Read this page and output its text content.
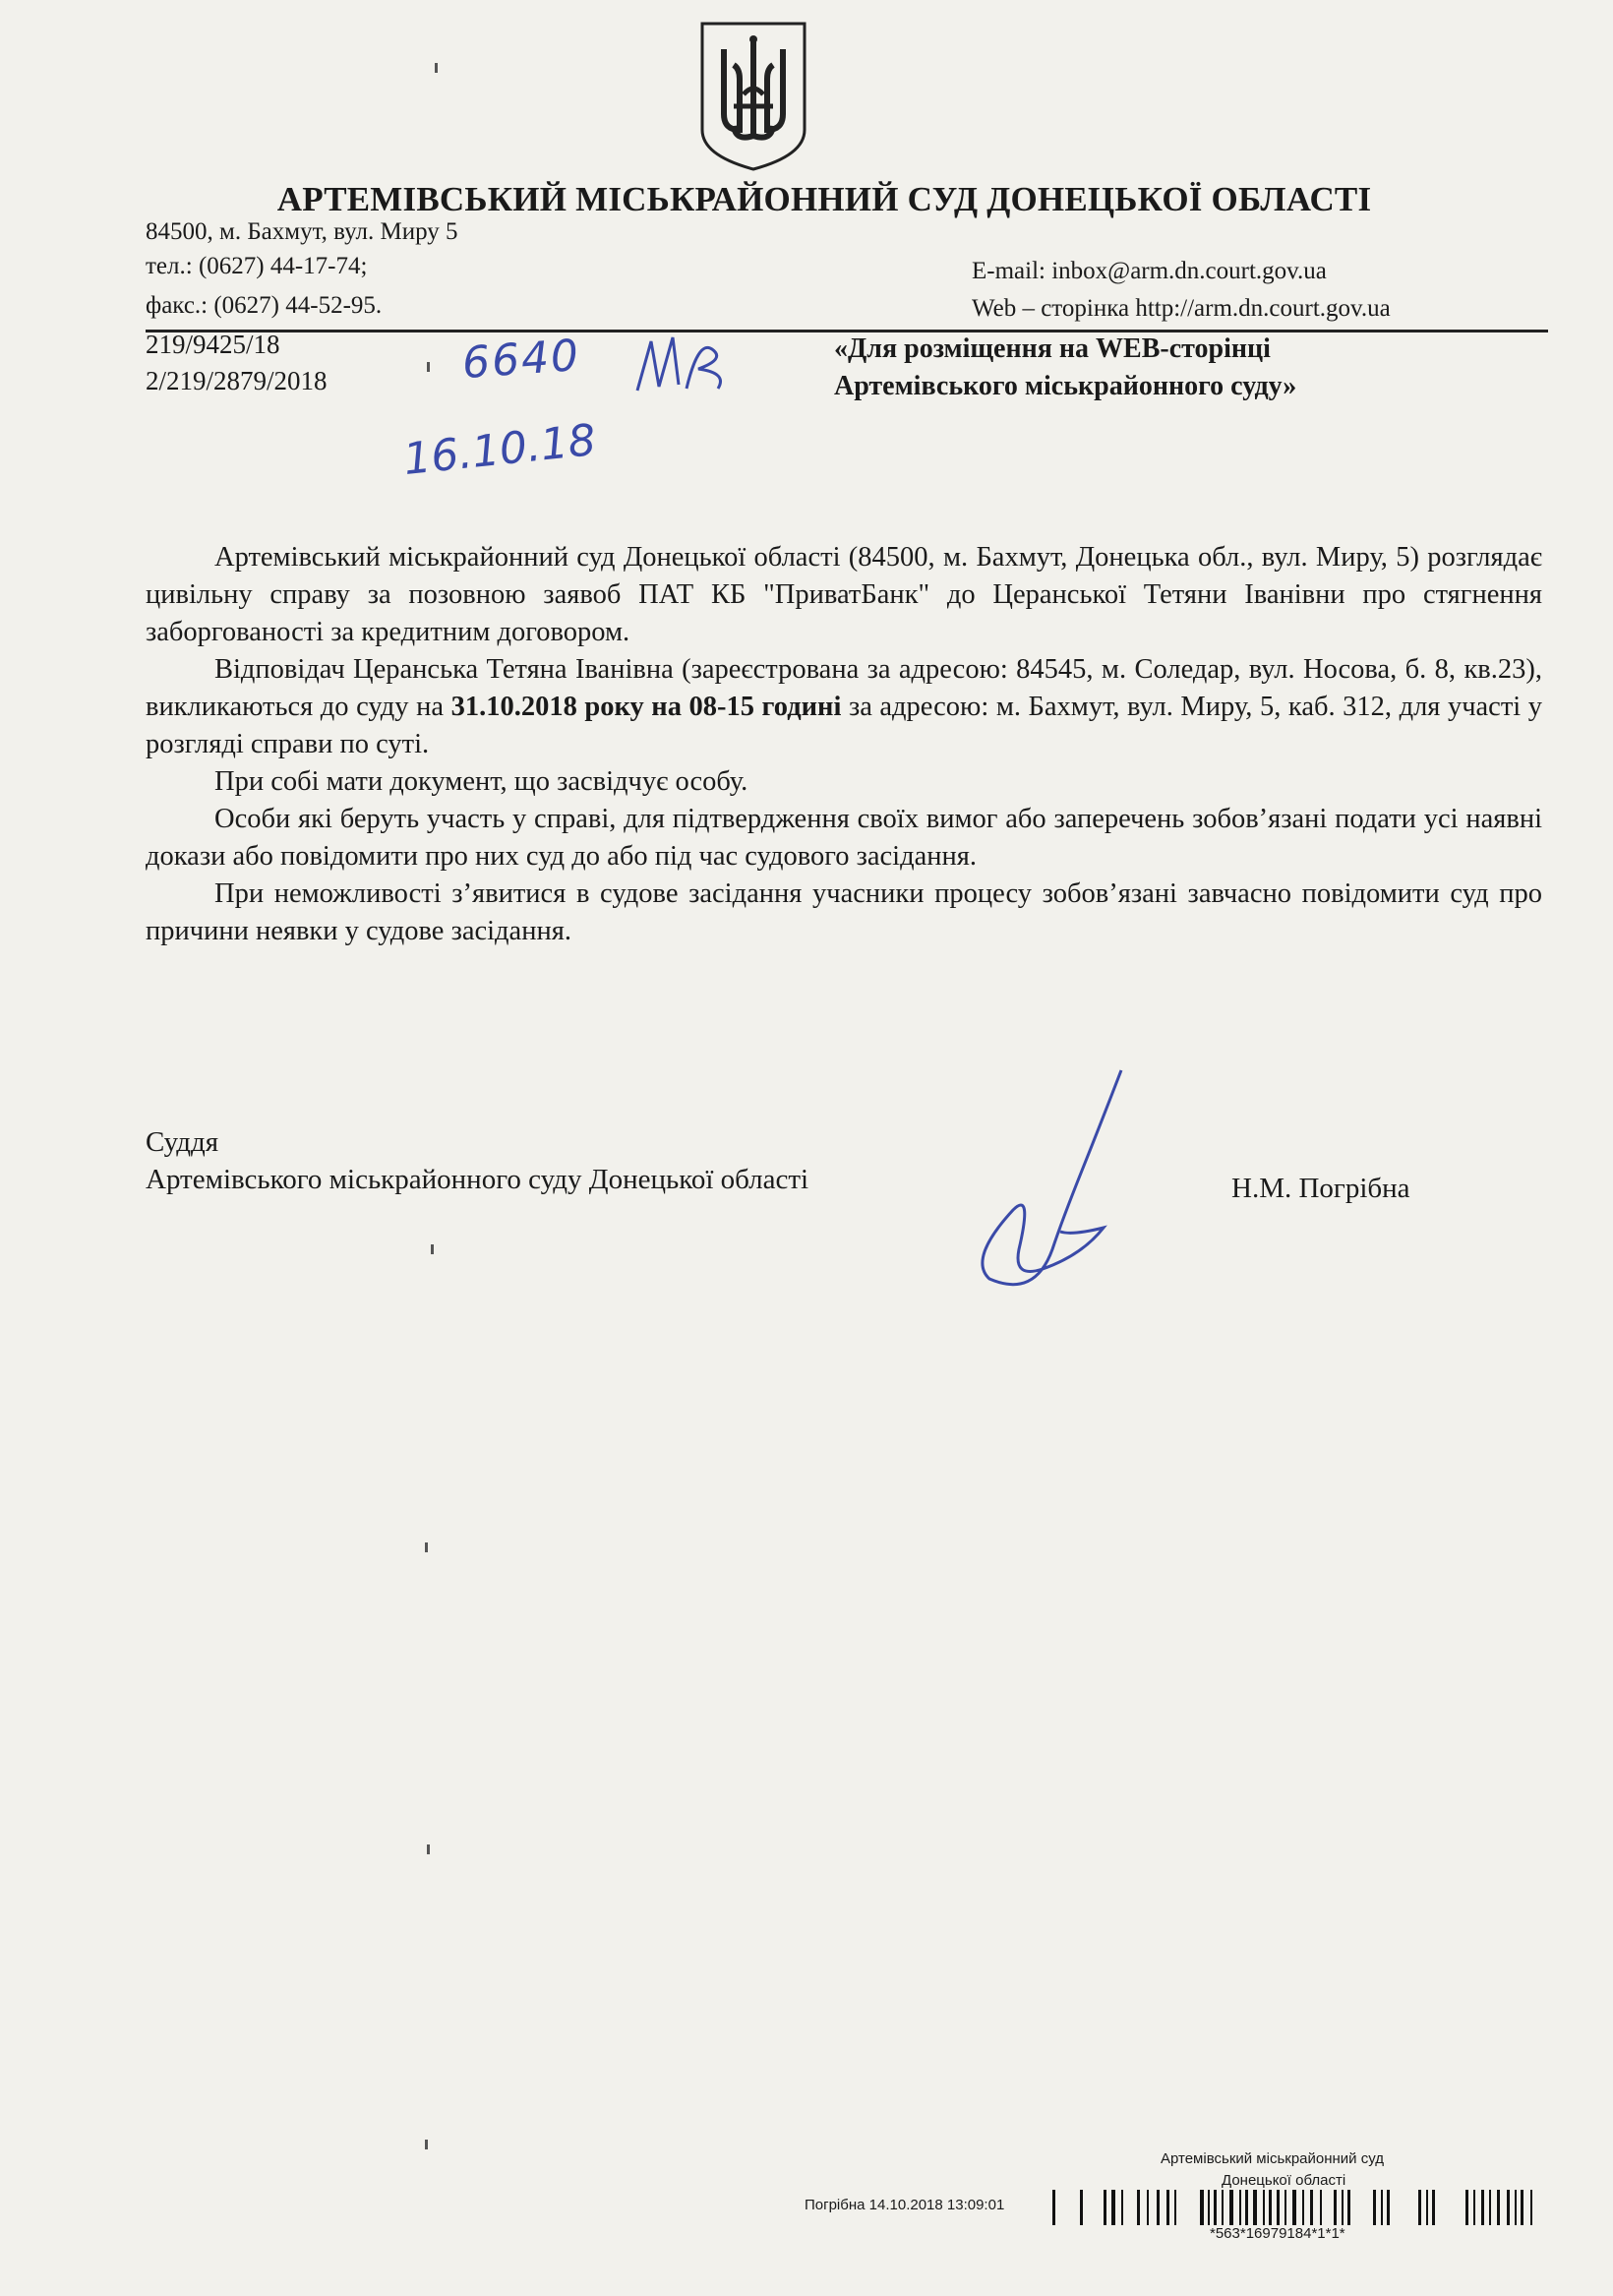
АРТЕМІВСЬКИЙ МІСЬКРАЙОННИЙ СУД ДОНЕЦЬКОЇ ОБЛАСТІ
84500, м. Бахмут, вул. Миру 5
тел.: (0627) 44-17-74;
факс.: (0627) 44-52-95.
E-mail: inbox@arm.dn.court.gov.ua
Web – сторінка http://arm.dn.court.gov.ua
219/9425/18
2/219/2879/2018
«Для розміщення на WEB-сторінці
Артемівського міськрайонного суду»
6640
16.10.18

Артемівський міськрайонний суд Донецької області (84500, м. Бахмут, Донецька обл., вул. Миру, 5) розглядає цивільну справу за позовною заявоб ПАТ КБ "ПриватБанк" до Церанської Тетяни Іванівни про стягнення заборгованості за кредитним договором.

Відповідач Церанська Тетяна Іванівна (зареєстрована за адресою: 84545, м. Соледар, вул. Носова, б. 8, кв.23), викликаються до суду на 31.10.2018 року на 08-15 годині за адресою: м. Бахмут, вул. Миру, 5, каб. 312, для участі у розгляді справи по суті.

При собі мати документ, що засвідчує особу.

Особи які беруть участь у справі, для підтвердження своїх вимог або заперечень зобов’язані подати усі наявні докази або повідомити про них суд до або під час судового засідання.

При неможливості з’явитися в судове засідання учасники процесу зобов’язані завчасно повідомити суд про причини неявки у судове засідання.

Суддя
Артемівського міськрайонного суду Донецької області	Н.М. Погрібна
Артемівський міськрайонний суд
Донецької області
Погрібна 14.10.2018 13:09:01
*563*16979184*1*1*
